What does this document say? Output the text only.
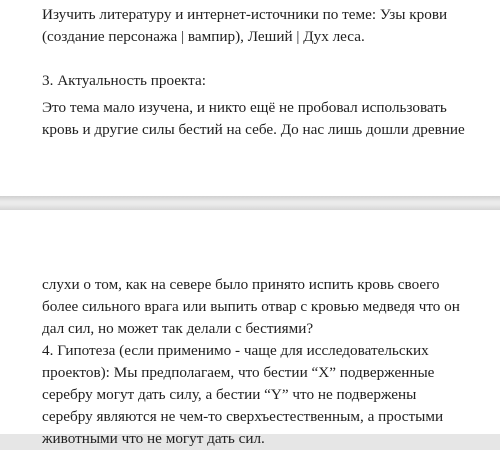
Изучить литературу и интернет-источники по теме: Узы крови
(создание персонажа | вампир), Леший | Дух леса.

3. Актуальность проекта:

Это тема мало изучена, и никто ещё не пробовал использовать
кровь и другие силы бестий на себе. До нас лишь дошли древние

слухи о том, как на севере было принято испить кровь своего
более сильного врага или выпить отвар с кровью медведя что он
дал сил, но может так делали с бестиями?

4. Гипотеза (если применимо - чаще для исследовательских
проектов): Мы предполагаем, что бестии “X” подверженные
серебру могут дать силу, а бестии “Y” что не подвержены
серебру являются не чем-то сверхъестественным, а простыми
животными что не могут дать сил.
